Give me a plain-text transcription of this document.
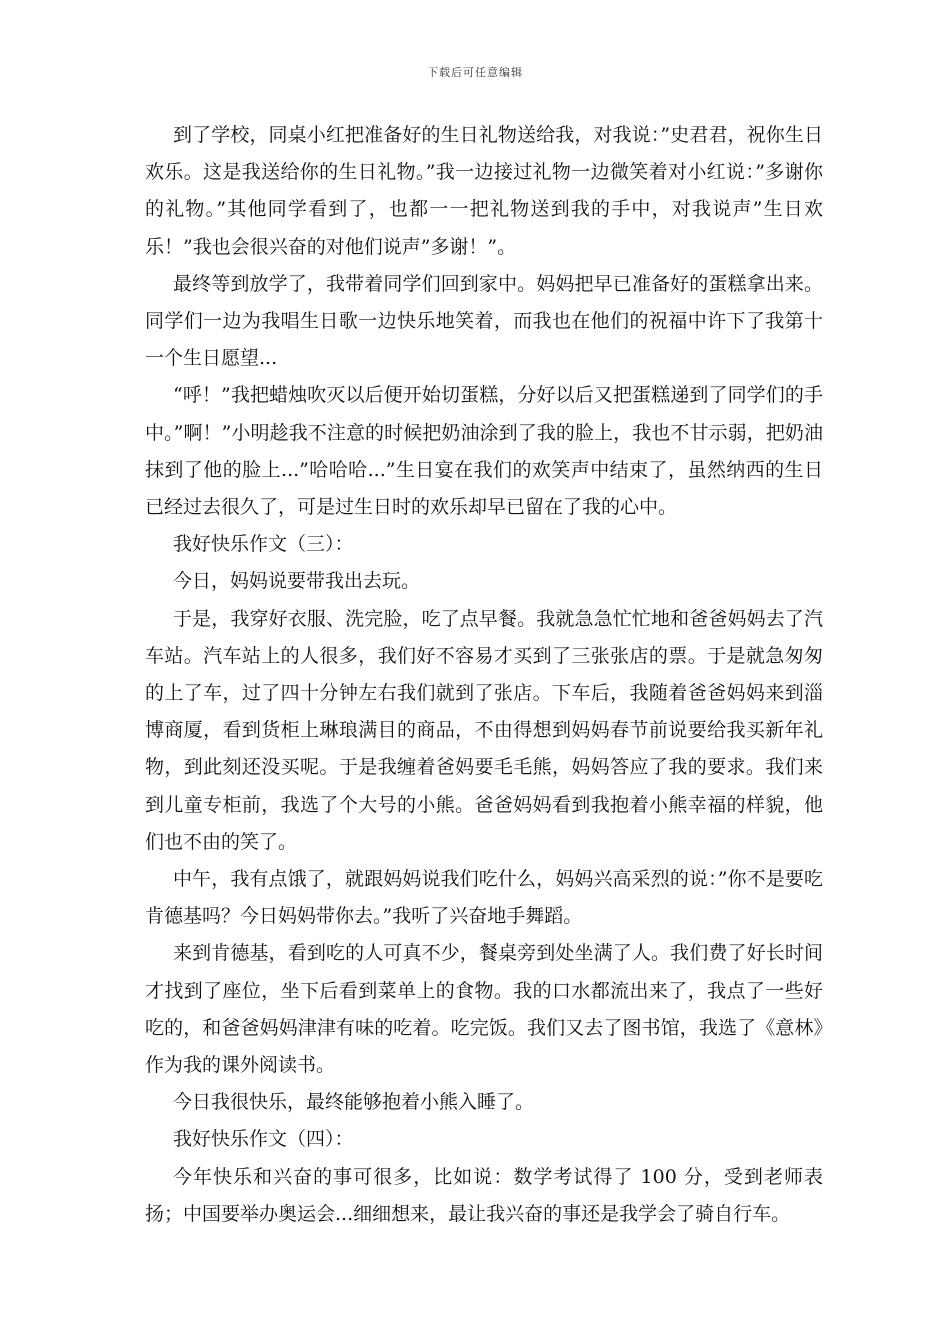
下载后可任意编辑

到了学校，同桌小红把准备好的生日礼物送给我，对我说：”史君君，祝你生日欢乐。这是我送给你的生日礼物。”我一边接过礼物一边微笑着对小红说：”多谢你的礼物。”其他同学看到了，也都一一把礼物送到我的手中，对我说声”生日欢乐！”我也会很兴奋的对他们说声”多谢！”。

最终等到放学了，我带着同学们回到家中。妈妈把早已准备好的蛋糕拿出来。同学们一边为我唱生日歌一边快乐地笑着，而我也在他们的祝福中许下了我第十一个生日愿望...

“呼！”我把蜡烛吹灭以后便开始切蛋糕，分好以后又把蛋糕递到了同学们的手中。”啊！”小明趁我不注意的时候把奶油涂到了我的脸上，我也不甘示弱，把奶油抹到了他的脸上...”哈哈哈...”生日宴在我们的欢笑声中结束了，虽然纳西的生日已经过去很久了，可是过生日时的欢乐却早已留在了我的心中。

我好快乐作文（三）：

今日，妈妈说要带我出去玩。

于是，我穿好衣服、洗完脸，吃了点早餐。我就急急忙忙地和爸爸妈妈去了汽车站。汽车站上的人很多，我们好不容易才买到了三张张店的票。于是就急匆匆的上了车，过了四十分钟左右我们就到了张店。下车后，我随着爸爸妈妈来到淄博商厦，看到货柜上琳琅满目的商品，不由得想到妈妈春节前说要给我买新年礼物，到此刻还没买呢。于是我缠着爸妈要毛毛熊，妈妈答应了我的要求。我们来到儿童专柜前，我选了个大号的小熊。爸爸妈妈看到我抱着小熊幸福的样貌，他们也不由的笑了。

中午，我有点饿了，就跟妈妈说我们吃什么，妈妈兴高采烈的说：”你不是要吃肯德基吗？今日妈妈带你去。”我听了兴奋地手舞蹈。

来到肯德基，看到吃的人可真不少，餐桌旁到处坐满了人。我们费了好长时间才找到了座位，坐下后看到菜单上的食物。我的口水都流出来了，我点了一些好吃的，和爸爸妈妈津津有味的吃着。吃完饭。我们又去了图书馆，我选了《意林》作为我的课外阅读书。

今日我很快乐，最终能够抱着小熊入睡了。

我好快乐作文（四）：

今年快乐和兴奋的事可很多，比如说：数学考试得了 100 分，受到老师表扬；中国要举办奥运会...细细想来，最让我兴奋的事还是我学会了骑自行车。
